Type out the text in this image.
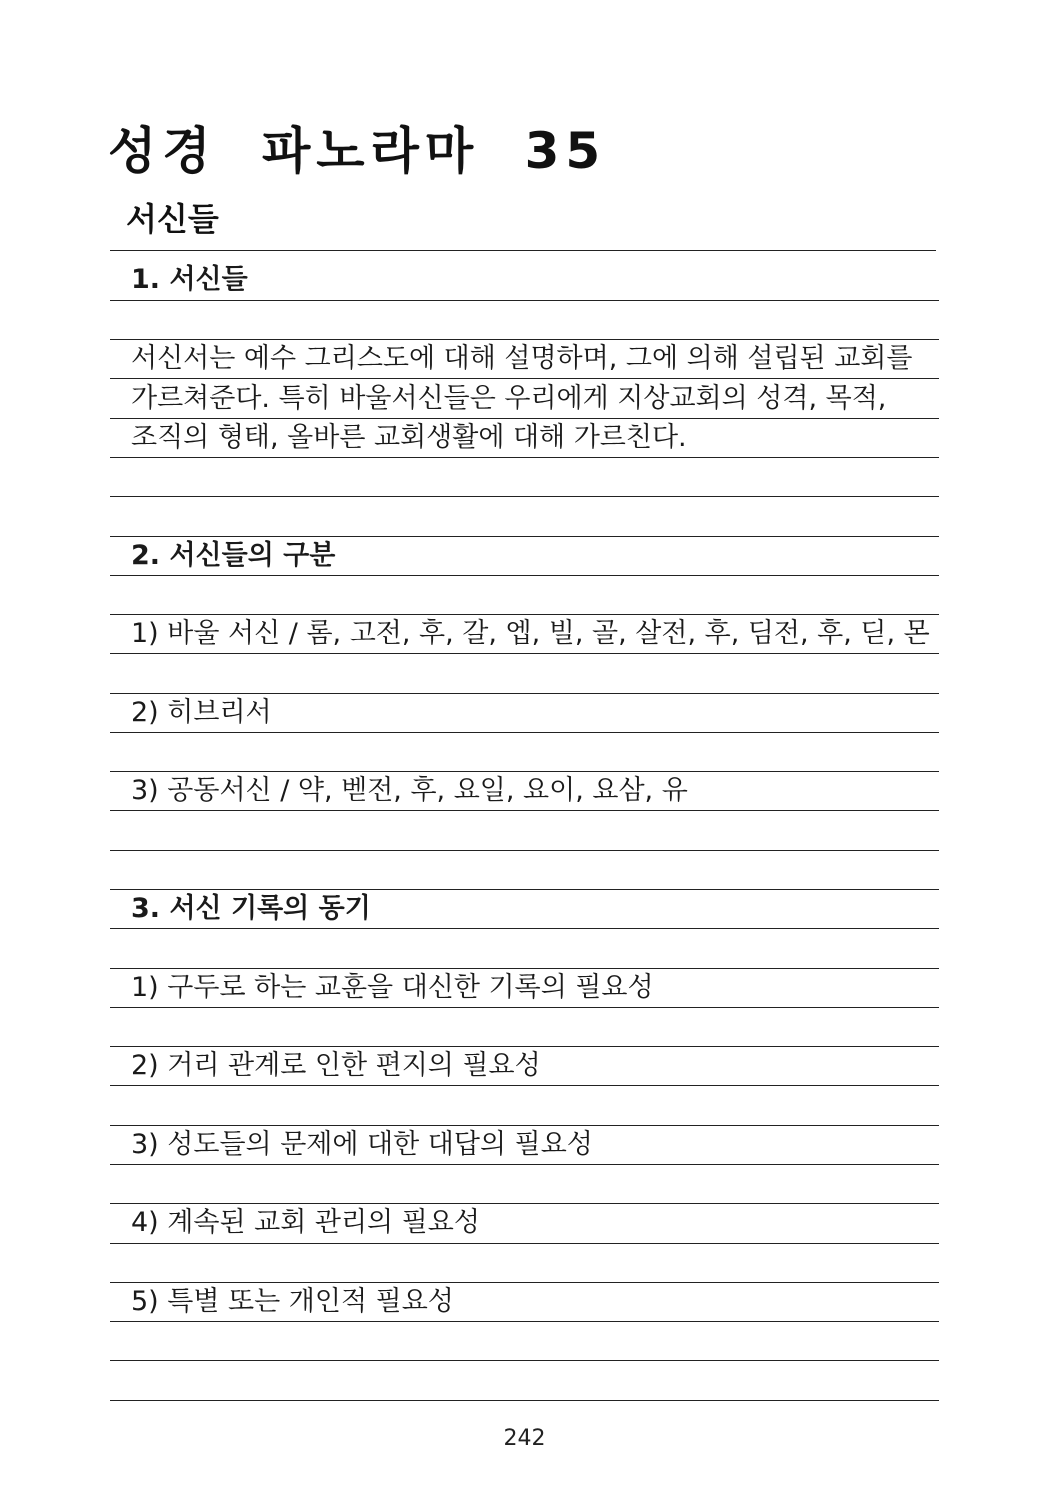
성경 파노라마 35
서신들
1. 서신들
서신서는 예수 그리스도에 대해 설명하며, 그에 의해 설립된 교회를
가르쳐준다. 특히 바울서신들은 우리에게 지상교회의 성격, 목적,
조직의 형태, 올바른 교회생활에 대해 가르친다.
2. 서신들의 구분
1) 바울 서신 / 롬, 고전, 후, 갈, 엡, 빌, 골, 살전, 후, 딤전, 후, 딛, 몬
2) 히브리서
3) 공동서신 / 약, 벧전, 후, 요일, 요이, 요삼, 유
3. 서신 기록의 동기
1) 구두로 하는 교훈을 대신한 기록의 필요성
2) 거리 관계로 인한 편지의 필요성
3) 성도들의 문제에 대한 대답의 필요성
4) 계속된 교회 관리의 필요성
5) 특별 또는 개인적 필요성
242
